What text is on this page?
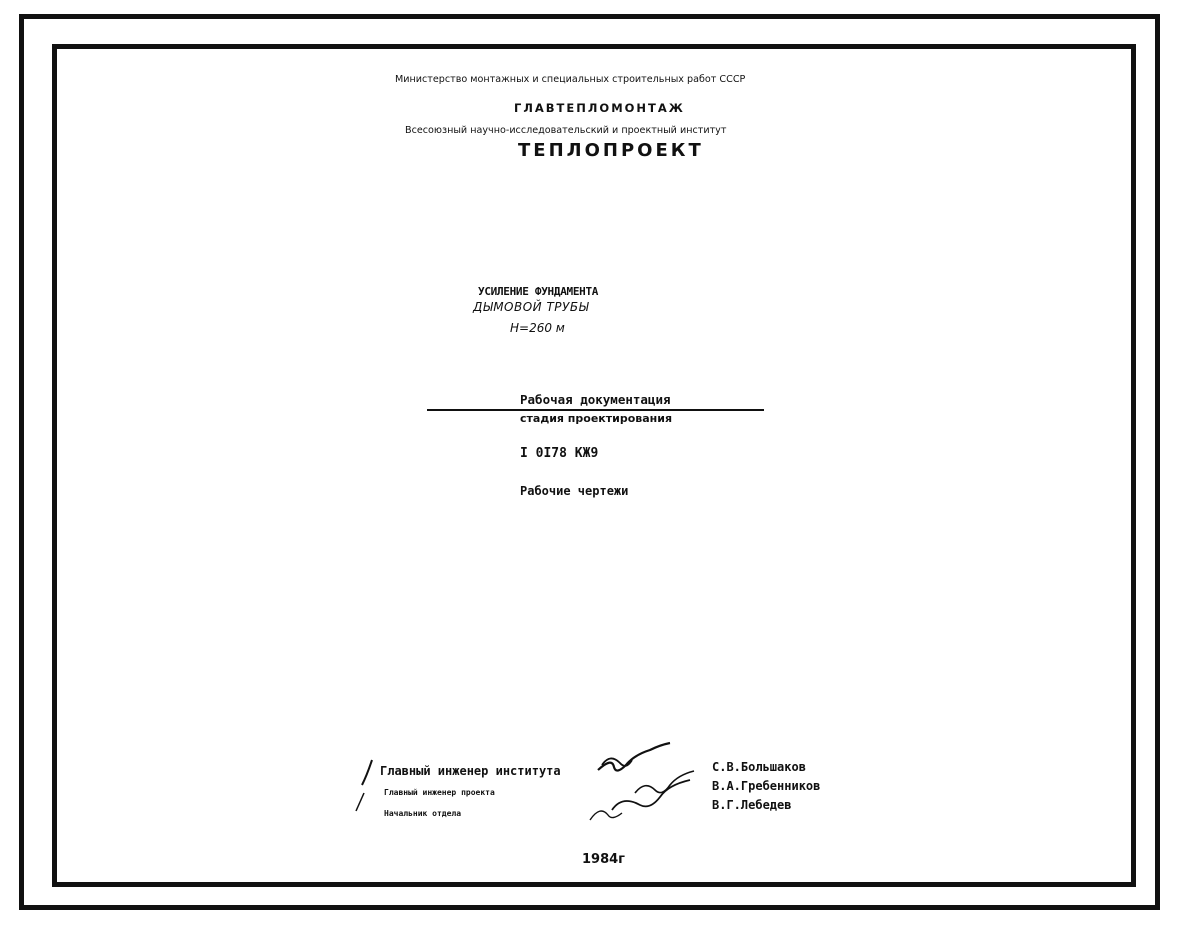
Министерство монтажных и специальных строительных работ СССР
ГЛАВТЕПЛОМОНТАЖ
Всесоюзный научно-исследовательский и проектный институт
ТЕПЛОПРОЕКТ
УСИЛЕНИЕ ФУНДАМЕНТА
ДЫМОВОЙ ТРУБЫ
Н=260 м
Рабочая документация
стадия проектирования
I 0I78 КЖ9
Рабочие чертежи
Главный инженер института
Главный инженер проекта
Начальник отдела
С.В.Большаков
В.А.Гребенников
В.Г.Лебедев
1984г
